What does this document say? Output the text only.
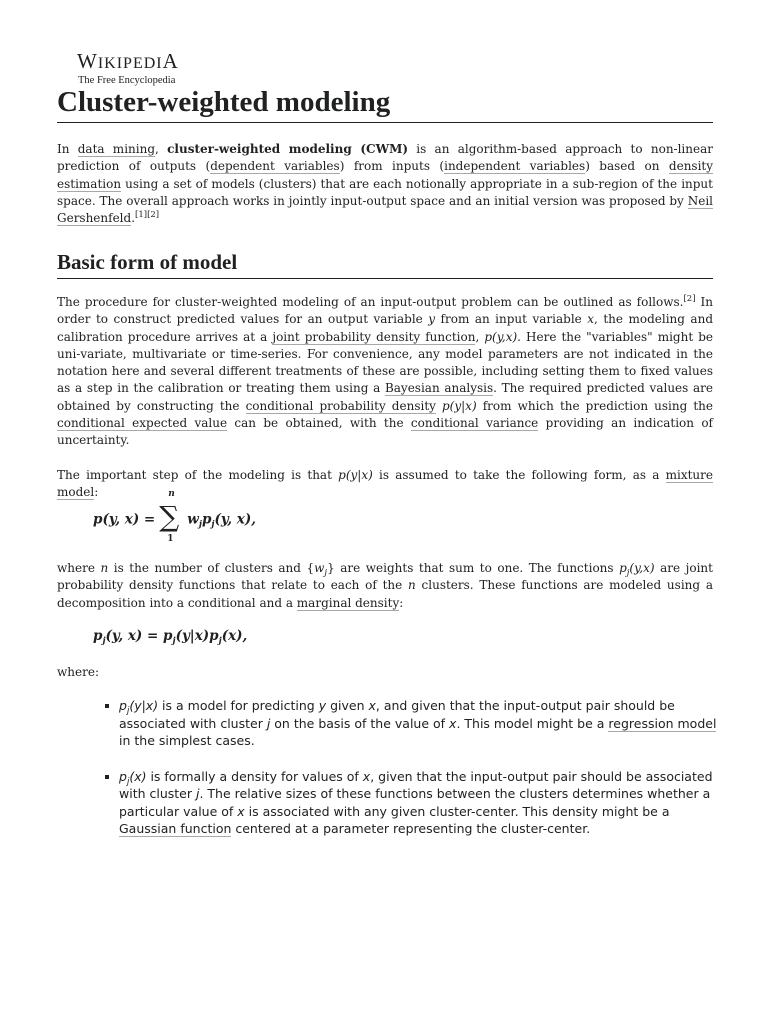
WIKIPEDIA
The Free Encyclopedia
Cluster-weighted modeling

In data mining, cluster-weighted modeling (CWM) is an algorithm-based approach to non-linear prediction of outputs (dependent variables) from inputs (independent variables) based on density estimation using a set of models (clusters) that are each notionally appropriate in a sub-region of the input space. The overall approach works in jointly input-output space and an initial version was proposed by Neil Gershenfeld.[1][2]

Basic form of model

The procedure for cluster-weighted modeling of an input-output problem can be outlined as follows.[2] In order to construct predicted values for an output variable y from an input variable x, the modeling and calibration procedure arrives at a joint probability density function, p(y,x). Here the "variables" might be uni-variate, multivariate or time-series. For convenience, any model parameters are not indicated in the notation here and several different treatments of these are possible, including setting them to fixed values as a step in the calibration or treating them using a Bayesian analysis. The required predicted values are obtained by constructing the conditional probability density p(y|x) from which the prediction using the conditional expected value can be obtained, with the conditional variance providing an indication of uncertainty.

The important step of the modeling is that p(y|x) is assumed to take the following form, as a mixture model:

p(y, x) = ∑
n
1
$w_jp_j(y$, x),

where n is the number of clusters and $\{w_j\}$ are weights that sum to one. The functions $p_j(y,x)$ are joint probability density functions that relate to each of the n clusters. These functions are modeled using a decomposition into a conditional and a marginal density:

$p_j(y$, $x) = p_j(y|x)p_j(x)$,

where:

$p_j(y|x)$ is a model for predicting y given x, and given that the input-output pair should be associated with cluster j on the basis of the value of x. This model might be a regression model in the simplest cases.
$p_j(x)$ is formally a density for values of x, given that the input-output pair should be associated with cluster j. The relative sizes of these functions between the clusters determines whether a particular value of x is associated with any given cluster-center. This density might be a Gaussian function centered at a parameter representing the cluster-center.
